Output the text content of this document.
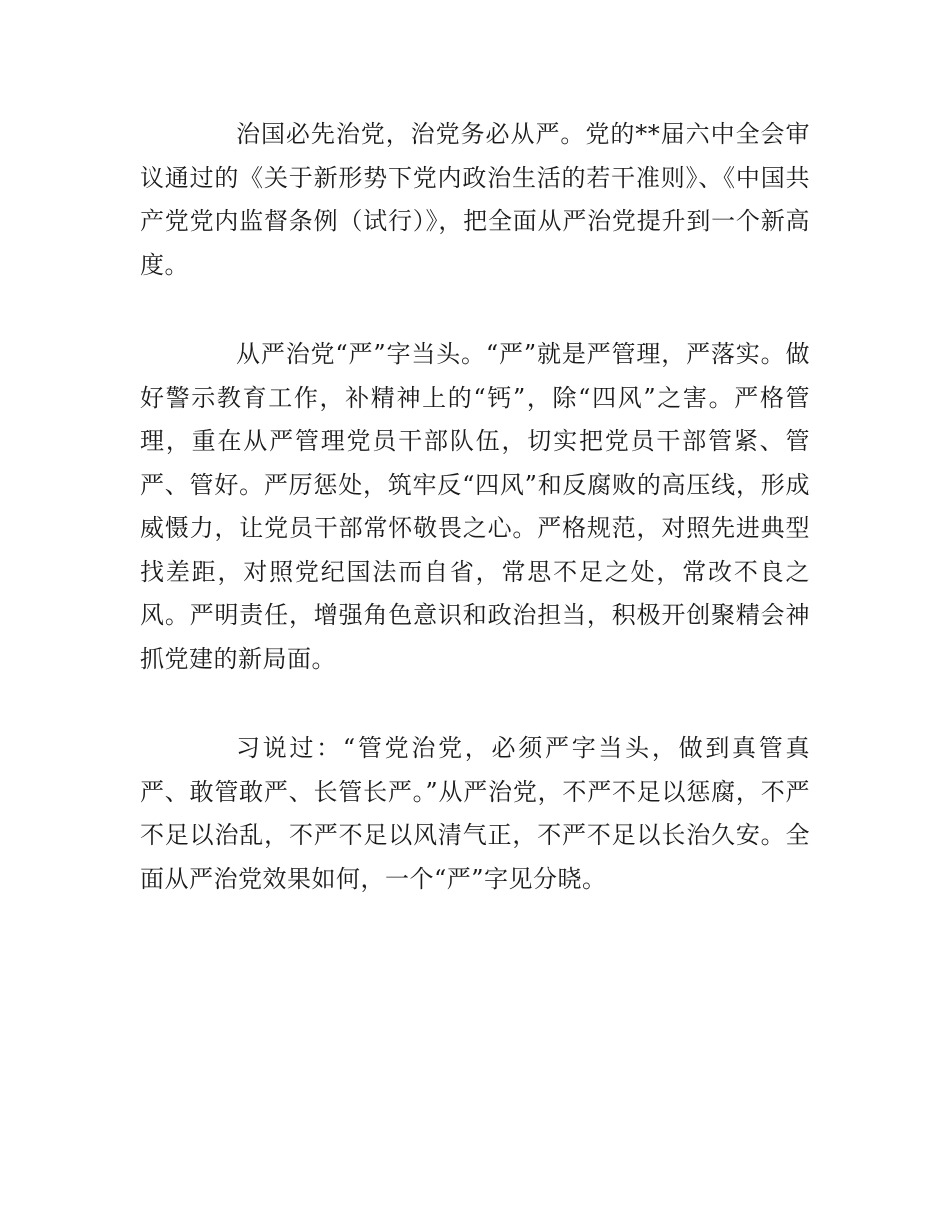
治国必先治党，治党务必从严。党的**届六中全会审议通过的《关于新形势下党内政治生活的若干准则》、《中国共产党党内监督条例（试行）》，把全面从严治党提升到一个新高度。

从严治党“严”字当头。“严”就是严管理，严落实。做好警示教育工作，补精神上的“钙”，除“四风”之害。严格管理，重在从严管理党员干部队伍，切实把党员干部管紧、管严、管好。严厉惩处，筑牢反“四风”和反腐败的高压线，形成威慑力，让党员干部常怀敬畏之心。严格规范，对照先进典型找差距，对照党纪国法而自省，常思不足之处，常改不良之风。严明责任，增强角色意识和政治担当，积极开创聚精会神抓党建的新局面。

习说过：“管党治党，必须严字当头，做到真管真严、敢管敢严、长管长严。”从严治党，不严不足以惩腐，不严不足以治乱，不严不足以风清气正，不严不足以长治久安。全面从严治党效果如何，一个“严”字见分晓。
